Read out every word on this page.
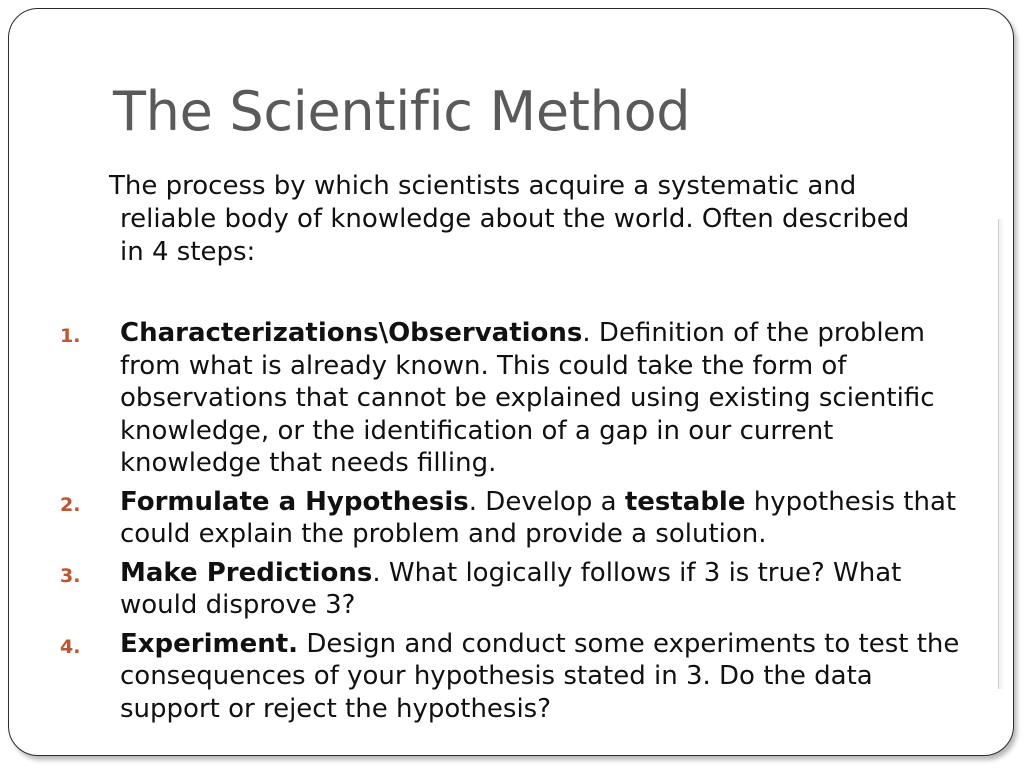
The Scientific Method

The process by which scientists acquire a systematic and reliable body of knowledge about the world. Often described in 4 steps:

1. Characterizations\Observations. Definition of the problem from what is already known. This could take the form of observations that cannot be explained using existing scientific knowledge, or the identification of a gap in our current knowledge that needs filling.
2. Formulate a Hypothesis. Develop a testable hypothesis that could explain the problem and provide a solution.
3. Make Predictions. What logically follows if 3 is true? What would disprove 3?
4. Experiment. Design and conduct some experiments to test the consequences of your hypothesis stated in 3. Do the data support or reject the hypothesis?
